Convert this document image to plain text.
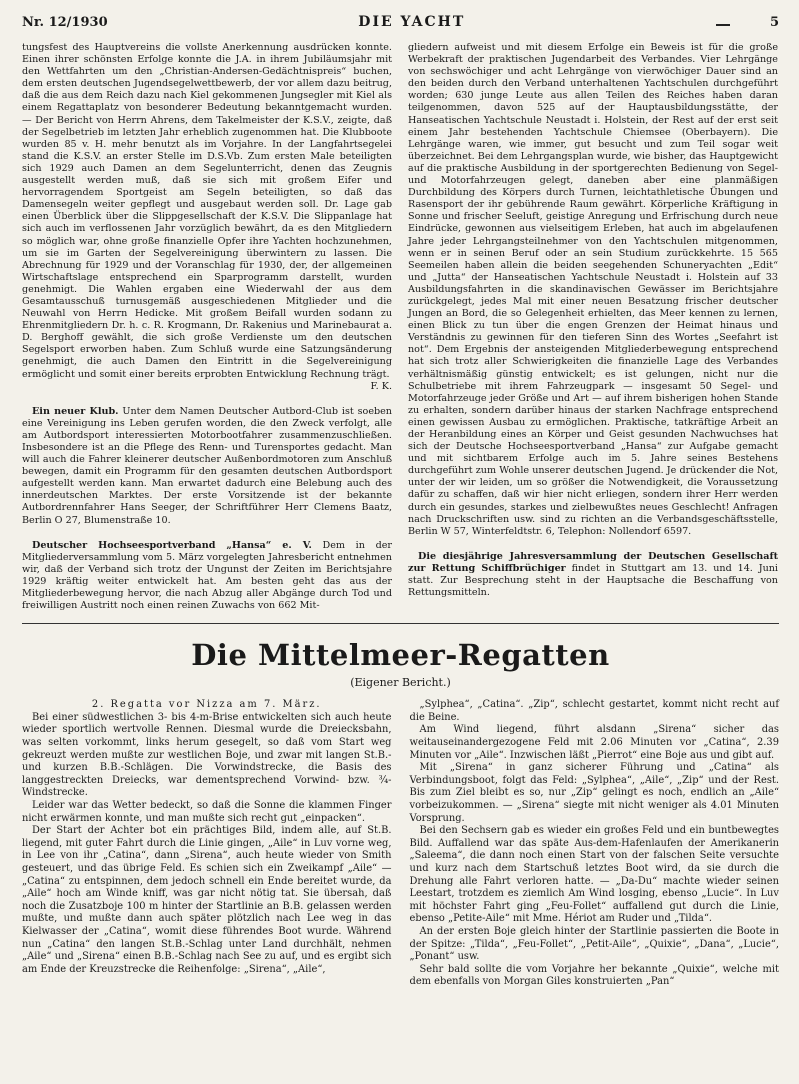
Nr. 12/1930	DIE YACHT	5

tungsfest des Hauptvereins die vollste Anerkennung ausdrücken konnte. Einen ihrer schönsten Erfolge konnte die J.A. in ihrem Jubiläumsjahr mit den Wettfahrten um den „Christian-Andersen-Gedächtnispreis“ buchen, dem ersten deutschen Jugendsegelwettbewerb, der vor allem dazu beitrug, daß die aus dem Reich dazu nach Kiel gekommenen Jungsegler mit Kiel als einem Regattaplatz von besonderer Bedeutung bekanntgemacht wurden. — Der Bericht von Herrn Ahrens, dem Takelmeister der K.S.V., zeigte, daß der Segelbetrieb im letzten Jahr erheblich zugenommen hat. Die Klubboote wurden 85 v. H. mehr benutzt als im Vorjahre. In der Langfahrtsegelei stand die K.S.V. an erster Stelle im D.S.Vb. Zum ersten Male beteiligten sich 1929 auch Damen an dem Segelunterricht, denen das Zeugnis ausgestellt werden muß, daß sie sich mit großem Eifer und hervorragendem Sportgeist am Segeln beteiligten, so daß das Damensegeln weiter gepflegt und ausgebaut werden soll. Dr. Lage gab einen Überblick über die Slippgesellschaft der K.S.V. Die Slippanlage hat sich auch im verflossenen Jahr vorzüglich bewährt, da es den Mitgliedern so möglich war, ohne große finanzielle Opfer ihre Yachten hochzunehmen, um sie im Garten der Segelvereinigung überwintern zu lassen. Die Abrechnung für 1929 und der Voranschlag für 1930, der, der allgemeinen Wirtschaftslage entsprechend ein Sparprogramm darstellt, wurden genehmigt. Die Wahlen ergaben eine Wiederwahl der aus dem Gesamtausschuß turnusgemäß ausgeschiedenen Mitglieder und die Neuwahl von Herrn Hedicke. Mit großem Beifall wurden sodann zu Ehrenmitgliedern Dr. h. c. R. Krogmann, Dr. Rakenius und Marinebaurat a. D. Berghoff gewählt, die sich große Verdienste um den deutschen Segelsport erworben haben. Zum Schluß wurde eine Satzungsänderung genehmigt, die auch Damen den Eintritt in die Segelvereinigung ermöglicht und somit einer bereits erprobten Entwicklung Rechnung trägt.

F. K.

Ein neuer Klub. Unter dem Namen Deutscher Autbord-Club ist soeben eine Vereinigung ins Leben gerufen worden, die den Zweck verfolgt, alle am Autbordsport interessierten Motorbootfahrer zusammenzuschließen. Insbesondere ist an die Pflege des Renn- und Turensportes gedacht. Man will auch die Fahrer kleinerer deutscher Außenbordmotoren zum Anschluß bewegen, damit ein Programm für den gesamten deutschen Autbordsport aufgestellt werden kann. Man erwartet dadurch eine Belebung auch des innerdeutschen Marktes. Der erste Vorsitzende ist der bekannte Autbordrennfahrer Hans Seeger, der Schriftführer Herr Clemens Baatz, Berlin O 27, Blumenstraße 10.

Deutscher Hochseesportverband „Hansa“ e. V. Dem in der Mitgliederversammlung vom 5. März vorgelegten Jahresbericht entnehmen wir, daß der Verband sich trotz der Ungunst der Zeiten im Berichtsjahre 1929 kräftig weiter entwickelt hat. Am besten geht das aus der Mitgliederbewegung hervor, die nach Abzug aller Abgänge durch Tod und freiwilligen Austritt noch einen reinen Zuwachs von 662 Mit-

gliedern aufweist und mit diesem Erfolge ein Beweis ist für die große Werbekraft der praktischen Jugendarbeit des Verbandes. Vier Lehrgänge von sechswöchiger und acht Lehrgänge von vierwöchiger Dauer sind an den beiden durch den Verband unterhaltenen Yachtschulen durchgeführt worden; 630 junge Leute aus allen Teilen des Reiches haben daran teilgenommen, davon 525 auf der Hauptausbildungsstätte, der Hanseatischen Yachtschule Neustadt i. Holstein, der Rest auf der erst seit einem Jahr bestehenden Yachtschule Chiemsee (Oberbayern). Die Lehrgänge waren, wie immer, gut besucht und zum Teil sogar weit überzeichnet. Bei dem Lehrgangsplan wurde, wie bisher, das Hauptgewicht auf die praktische Ausbildung in der sportgerechten Bedienung von Segel- und Motorfahrzeugen gelegt, daneben aber eine planmäßigen Durchbildung des Körpers durch Turnen, leichtathletische Übungen und Rasensport der ihr gebührende Raum gewährt. Körperliche Kräftigung in Sonne und frischer Seeluft, geistige Anregung und Erfrischung durch neue Eindrücke, gewonnen aus vielseitigem Erleben, hat auch im abgelaufenen Jahre jeder Lehrgangsteilnehmer von den Yachtschulen mitgenommen, wenn er in seinen Beruf oder an sein Studium zurückkehrte. 15 565 Seemeilen haben allein die beiden seegehenden Schuneryachten „Edit“ und „Jutta“ der Hanseatischen Yachtschule Neustadt i. Holstein auf 33 Ausbildungsfahrten in die skandinavischen Gewässer im Berichtsjahre zurückgelegt, jedes Mal mit einer neuen Besatzung frischer deutscher Jungen an Bord, die so Gelegenheit erhielten, das Meer kennen zu lernen, einen Blick zu tun über die engen Grenzen der Heimat hinaus und Verständnis zu gewinnen für den tieferen Sinn des Wortes „Seefahrt ist not“. Dem Ergebnis der ansteigenden Mitgliederbewegung entsprechend hat sich trotz aller Schwierigkeiten die finanzielle Lage des Verbandes verhältnismäßig günstig entwickelt; es ist gelungen, nicht nur die Schulbetriebe mit ihrem Fahrzeugpark — insgesamt 50 Segel- und Motorfahrzeuge jeder Größe und Art — auf ihrem bisherigen hohen Stande zu erhalten, sondern darüber hinaus der starken Nachfrage entsprechend einen gewissen Ausbau zu ermöglichen. Praktische, tatkräftige Arbeit an der Heranbildung eines an Körper und Geist gesunden Nachwuchses hat sich der Deutsche Hochseesportverband „Hansa“ zur Aufgabe gemacht und mit sichtbarem Erfolge auch im 5. Jahre seines Bestehens durchgeführt zum Wohle unserer deutschen Jugend. Je drückender die Not, unter der wir leiden, um so größer die Notwendigkeit, die Voraussetzung dafür zu schaffen, daß wir hier nicht erliegen, sondern ihrer Herr werden durch ein gesundes, starkes und zielbewußtes neues Geschlecht! Anfragen nach Druckschriften usw. sind zu richten an die Verbandsgeschäftsstelle, Berlin W 57, Winterfeldtstr. 6, Telephon: Nollendorf 6597.

Die diesjährige Jahresversammlung der Deutschen Gesellschaft zur Rettung Schiffbrüchiger findet in Stuttgart am 13. und 14. Juni statt. Zur Besprechung steht in der Hauptsache die Beschaffung von Rettungsmitteln.

Die Mittelmeer-Regatten
(Eigener Bericht.)

2. Regatta vor Nizza am 7. März.

Bei einer südwestlichen 3- bis 4-m-Brise entwickelten sich auch heute wieder sportlich wertvolle Rennen. Diesmal wurde die Dreiecksbahn, was selten vorkommt, links herum gesegelt, so daß vom Start weg gekreuzt werden mußte zur westlichen Boje, und zwar mit langen St.B.- und kurzen B.B.-Schlägen. Die Vorwindstrecke, die Basis des langgestreckten Dreiecks, war dementsprechend Vorwind- bzw. ¾-Windstrecke.

Leider war das Wetter bedeckt, so daß die Sonne die klammen Finger nicht erwärmen konnte, und man mußte sich recht gut „einpacken“.

Der Start der Achter bot ein prächtiges Bild, indem alle, auf St.B. liegend, mit guter Fahrt durch die Linie gingen, „Aile“ in Luv vorne weg, in Lee von ihr „Catina“, dann „Sirena“, auch heute wieder von Smith gesteuert, und das übrige Feld. Es schien sich ein Zweikampf „Aile“ — „Catina“ zu entspinnen, dem jedoch schnell ein Ende bereitet wurde, da „Aile“ hoch am Winde kniff, was gar nicht nötig tat. Sie übersah, daß noch die Zusatzboje 100 m hinter der Startlinie an B.B. gelassen werden mußte, und mußte dann auch später plötzlich nach Lee weg in das Kielwasser der „Catina“, womit diese führendes Boot wurde. Während nun „Catina“ den langen St.B.-Schlag unter Land durchhält, nehmen „Aile“ und „Sirena“ einen B.B.-Schlag nach See zu auf, und es ergibt sich am Ende der Kreuzstrecke die Reihenfolge: „Sirena“, „Aile“,

„Sylphea“, „Catina“. „Zip“, schlecht gestartet, kommt nicht recht auf die Beine.

Am Wind liegend, führt alsdann „Sirena“ sicher das weitauseinandergezogene Feld mit 2.06 Minuten vor „Catina“, 2.39 Minuten vor „Aile“. Inzwischen läßt „Pierrot“ eine Boje aus und gibt auf.

Mit „Sirena“ in ganz sicherer Führung und „Catina“ als Verbindungsboot, folgt das Feld: „Sylphea“, „Aile“, „Zip“ und der Rest. Bis zum Ziel bleibt es so, nur „Zip“ gelingt es noch, endlich an „Aile“ vorbeizukommen. — „Sirena“ siegte mit nicht weniger als 4.01 Minuten Vorsprung.

Bei den Sechsern gab es wieder ein großes Feld und ein buntbewegtes Bild. Auffallend war das späte Aus-dem-Hafenlaufen der Amerikanerin „Saleema“, die dann noch einen Start von der falschen Seite versuchte und kurz nach dem Startschuß letztes Boot wird, da sie durch die Drehung alle Fahrt verloren hatte. — „Da-Du“ machte wieder seinen Leestart, trotzdem es ziemlich Am Wind losging, ebenso „Lucie“. In Luv mit höchster Fahrt ging „Feu-Follet“ auffallend gut durch die Linie, ebenso „Petite-Aile“ mit Mme. Hériot am Ruder und „Tilda“.

An der ersten Boje gleich hinter der Startlinie passierten die Boote in der Spitze: „Tilda“, „Feu-Follet“, „Petit-Aile“, „Quixie“, „Dana“, „Lucie“, „Ponant“ usw.

Sehr bald sollte die vom Vorjahre her bekannte „Quixie“, welche mit dem ebenfalls von Morgan Giles konstruierten „Pan“
